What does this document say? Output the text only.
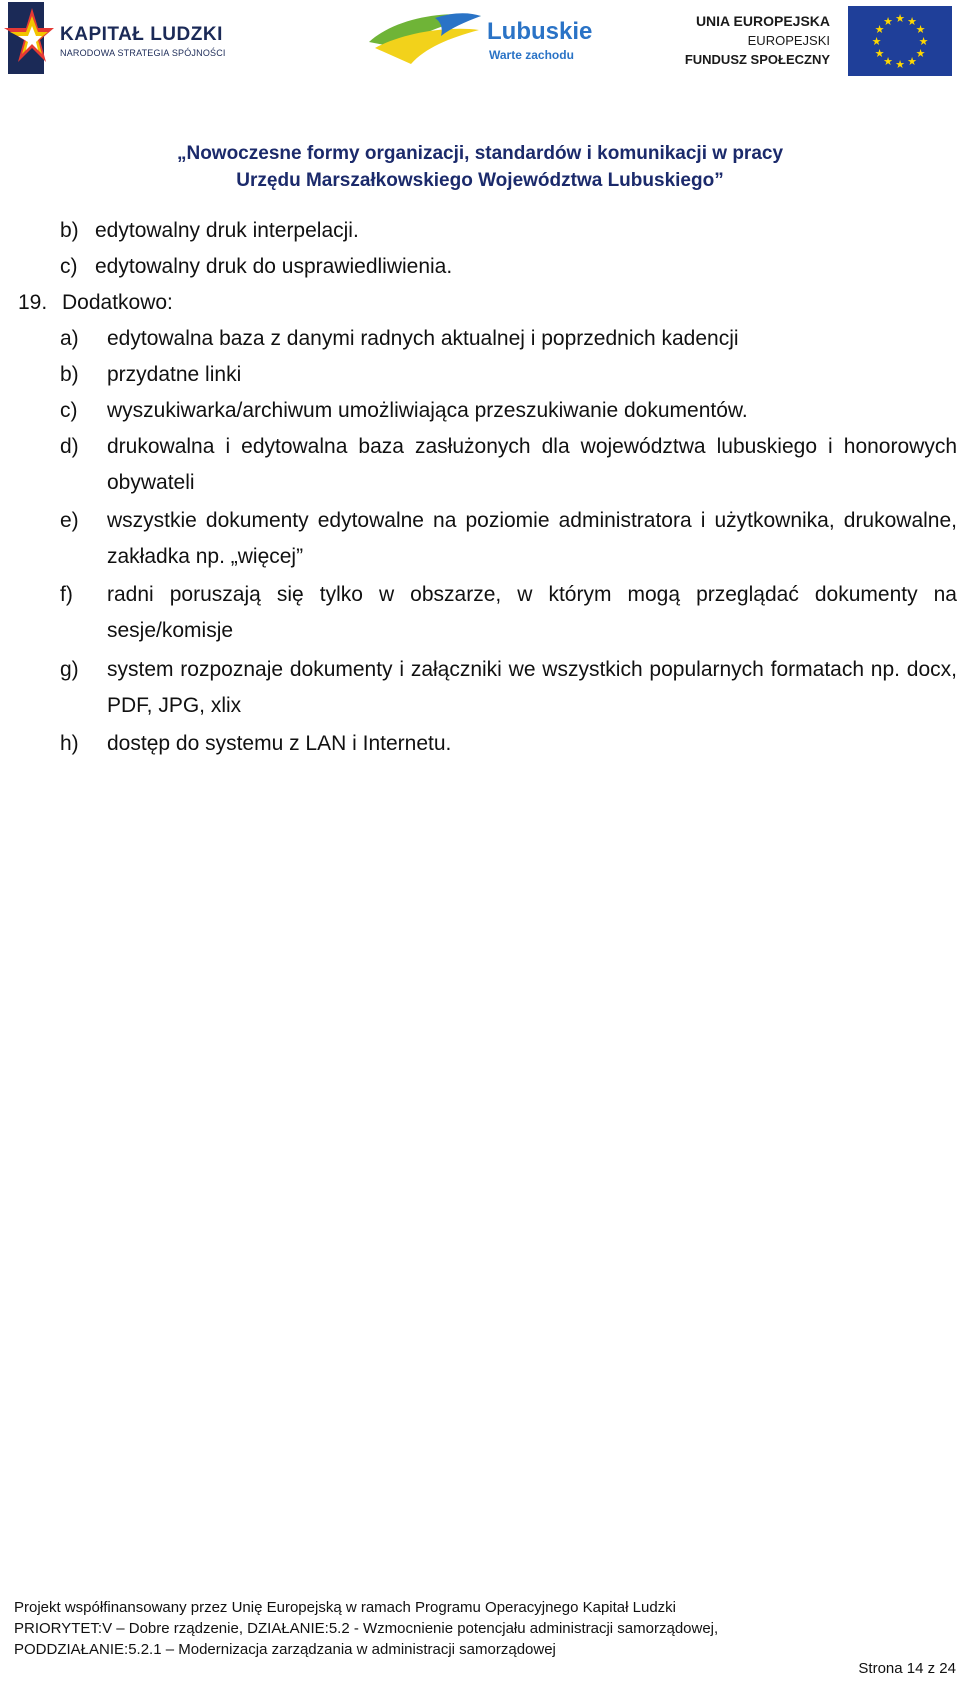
KAPITAŁ LUDZKI
NARODOWA STRATEGIA SPÓJNOŚCI
Lubuskie
Warte zachodu
UNIA EUROPEJSKA
EUROPEJSKI
FUNDUSZ SPOŁECZNY
★ ★
★
★
★
★
★
★
★
★
★
★
„Nowoczesne formy organizacji, standardów i komunikacji w pracy
Urzędu Marszałkowskiego Województwa Lubuskiego”
b) edytowalny druk interpelacji.
c) edytowalny druk do usprawiedliwienia.
19. Dodatkowo:
a)	edytowalna baza z danymi radnych aktualnej i poprzednich kadencji
b)	przydatne linki
c)	wyszukiwarka/archiwum umożliwiająca przeszukiwanie dokumentów.
d)	drukowalna i edytowalna baza zasłużonych dla województwa lubuskiego i honorowych obywateli
e)	wszystkie dokumenty edytowalne na poziomie administratora i użytkownika, drukowalne, zakładka np. „więcej”
f)	radni poruszają się tylko w obszarze, w którym mogą przeglądać dokumenty na sesje/komisje
g)	system rozpoznaje dokumenty i załączniki we wszystkich popularnych formatach np. docx, PDF, JPG, xlix
h)	dostęp do systemu z LAN i Internetu.
Projekt współfinansowany przez Unię Europejską w ramach Programu Operacyjnego Kapitał Ludzki
PRIORYTET:V – Dobre rządzenie, DZIAŁANIE:5.2 - Wzmocnienie potencjału administracji samorządowej,
PODDZIAŁANIE:5.2.1 – Modernizacja zarządzania w administracji samorządowej
Strona 14 z 24
